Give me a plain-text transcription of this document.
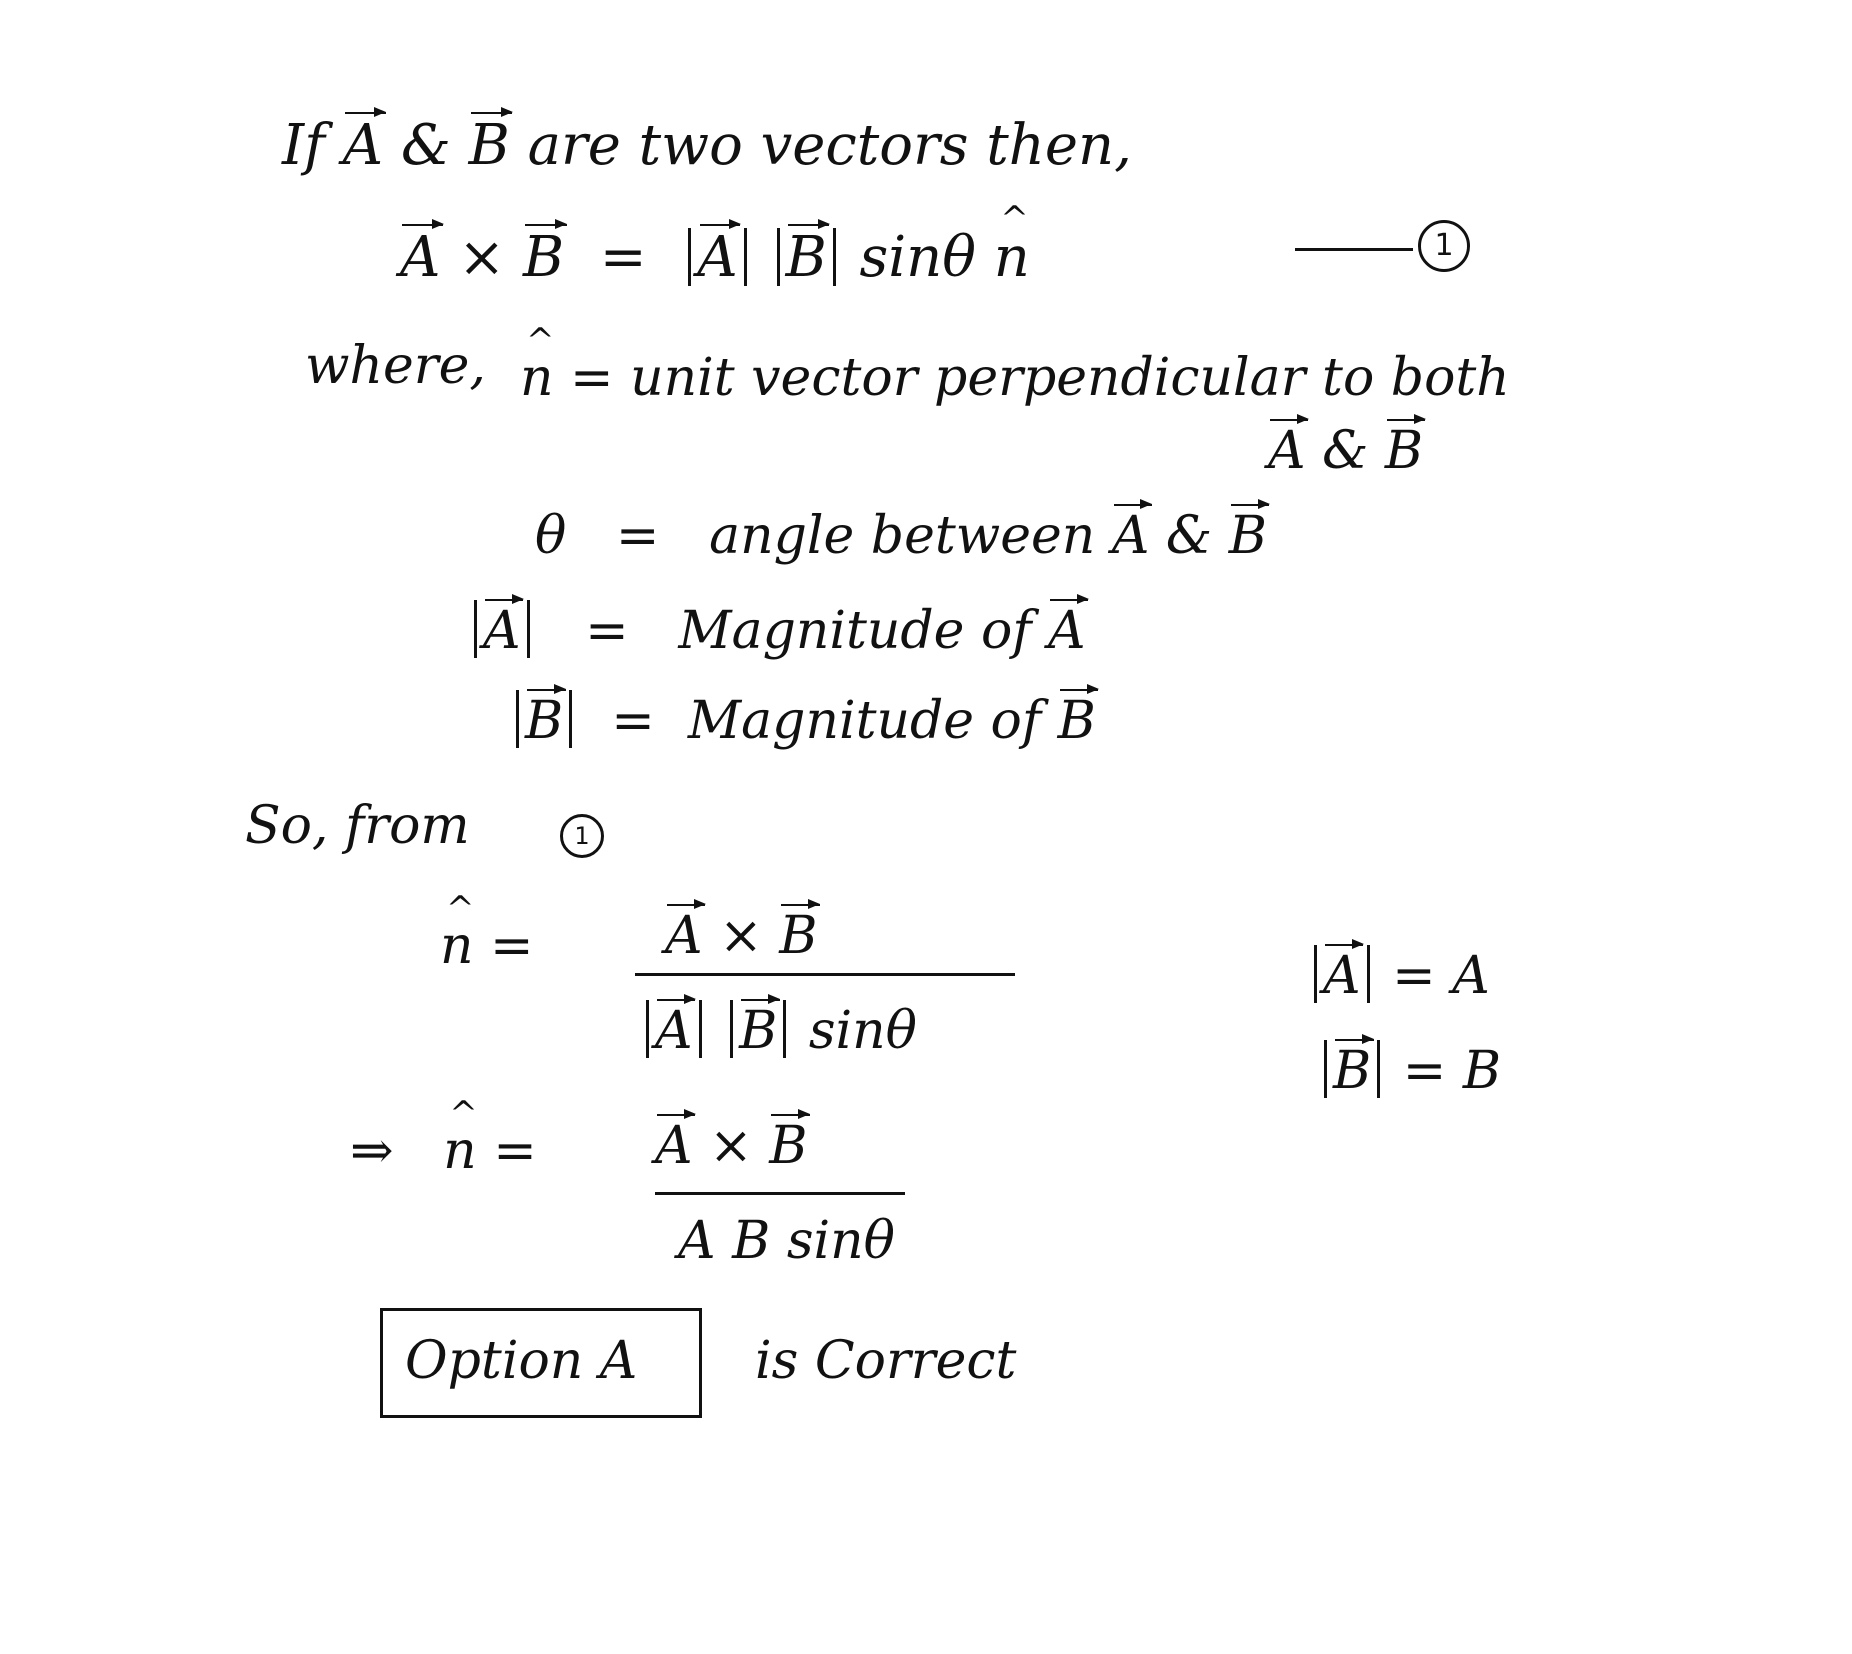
If A & B are two vectors then,
A × B = A B sinθ n ^	1
where, n ^ = unit vector perpendicular to both
A & B
θ = angle between A & B
A = Magnitude of A
B = Magnitude of B
So, from	1
n ^ =	A × B
A B sinθ
A = A
B = B
⇒ n ^ = A × B
A B sinθ
Option A is Correct
